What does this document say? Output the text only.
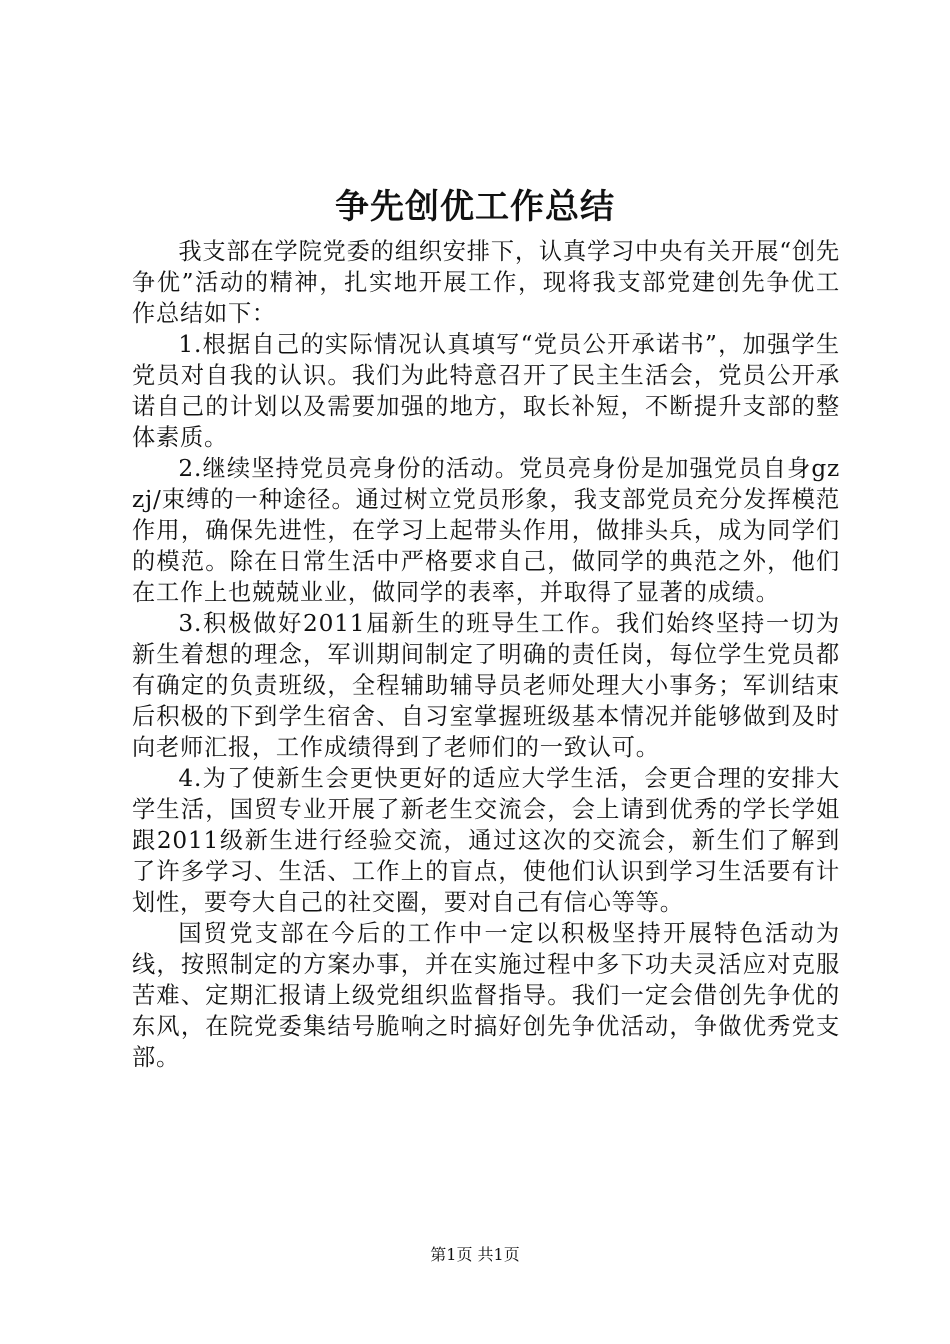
争先创优工作总结

我支部在学院党委的组织安排下，认真学习中央有关开展“创先争优”活动的精神，扎实地开展工作，现将我支部党建创先争优工作总结如下：

1.根据自己的实际情况认真填写“党员公开承诺书”，加强学生党员对自我的认识。我们为此特意召开了民主生活会，党员公开承诺自己的计划以及需要加强的地方，取长补短，不断提升支部的整体素质。

2.继续坚持党员亮身份的活动。党员亮身份是加强党员自身gzzj/束缚的一种途径。通过树立党员形象，我支部党员充分发挥模范作用，确保先进性，在学习上起带头作用，做排头兵，成为同学们的模范。除在日常生活中严格要求自己，做同学的典范之外，他们在工作上也兢兢业业，做同学的表率，并取得了显著的成绩。

3.积极做好2011届新生的班导生工作。我们始终坚持一切为新生着想的理念，军训期间制定了明确的责任岗，每位学生党员都有确定的负责班级，全程辅助辅导员老师处理大小事务；军训结束后积极的下到学生宿舍、自习室掌握班级基本情况并能够做到及时向老师汇报，工作成绩得到了老师们的一致认可。

4.为了使新生会更快更好的适应大学生活，会更合理的安排大学生活，国贸专业开展了新老生交流会，会上请到优秀的学长学姐跟2011级新生进行经验交流，通过这次的交流会，新生们了解到了许多学习、生活、工作上的盲点，使他们认识到学习生活要有计划性，要夸大自己的社交圈，要对自己有信心等等。

国贸党支部在今后的工作中一定以积极坚持开展特色活动为线，按照制定的方案办事，并在实施过程中多下功夫灵活应对克服苦难、定期汇报请上级党组织监督指导。我们一定会借创先争优的东风，在院党委集结号脆响之时搞好创先争优活动，争做优秀党支部。

第1页 共1页
